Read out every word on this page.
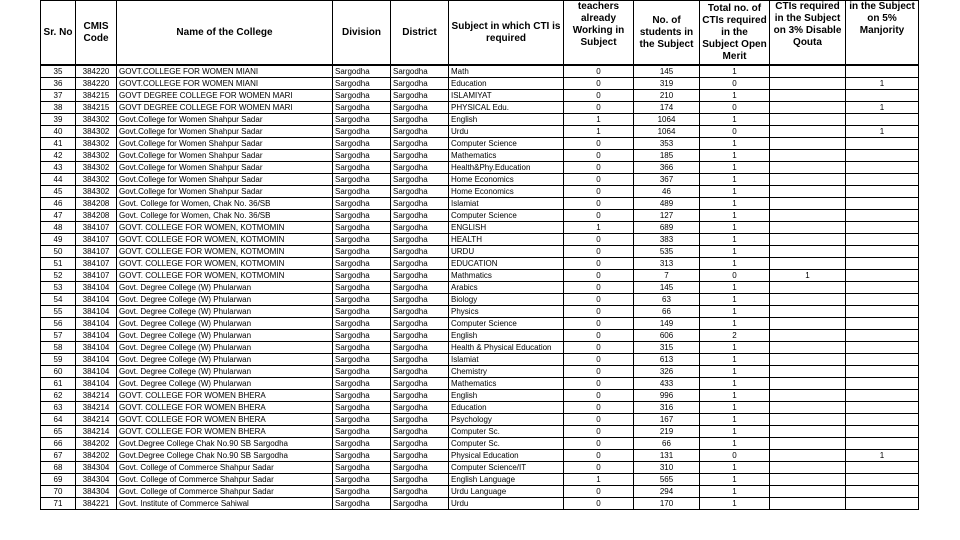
Sr. No	CMIS Code	Name of the College	Division	District	Subject in which CTI is required	teachers already Working in Subject	No. of students in the Subject	Total no. of CTIs required in the Subject Open Merit	CTIs required in the Subject on 3% Disable Qouta	in the Subject on 5% Manjority

35	384220	GOVT.COLLEGE FOR WOMEN MIANI	Sargodha	Sargodha	Math	0	145	1		
36	384220	GOVT.COLLEGE FOR WOMEN MIANI	Sargodha	Sargodha	Education	0	319	0		1
37	384215	GOVT DEGREE COLLEGE FOR WOMEN MARI	Sargodha	Sargodha	ISLAMIYAT	0	210	1		
38	384215	GOVT DEGREE COLLEGE FOR WOMEN MARI	Sargodha	Sargodha	PHYSICAL Edu.	0	174	0		1
39	384302	Govt.College for Women Shahpur Sadar	Sargodha	Sargodha	English	1	1064	1		
40	384302	Govt.College for Women Shahpur Sadar	Sargodha	Sargodha	Urdu	1	1064	0		1
41	384302	Govt.College for Women Shahpur Sadar	Sargodha	Sargodha	Computer Science	0	353	1		
42	384302	Govt.College for Women Shahpur Sadar	Sargodha	Sargodha	Mathematics	0	185	1		
43	384302	Govt.College for Women Shahpur Sadar	Sargodha	Sargodha	Health&Phy.Education	0	366	1		
44	384302	Govt.College for Women Shahpur Sadar	Sargodha	Sargodha	Home Economics	0	367	1		
45	384302	Govt.College for Women Shahpur Sadar	Sargodha	Sargodha	Home Economics	0	46	1		
46	384208	Govt. College for Women, Chak No. 36/SB	Sargodha	Sargodha	Islamiat	0	489	1		
47	384208	Govt. College for Women, Chak No. 36/SB	Sargodha	Sargodha	Computer Science	0	127	1		
48	384107	GOVT. COLLEGE FOR WOMEN, KOTMOMIN	Sargodha	Sargodha	ENGLISH	1	689	1		
49	384107	GOVT. COLLEGE FOR WOMEN, KOTMOMIN	Sargodha	Sargodha	HEALTH	0	383	1		
50	384107	GOVT. COLLEGE FOR WOMEN, KOTMOMIN	Sargodha	Sargodha	URDU	0	535	1		
51	384107	GOVT. COLLEGE FOR WOMEN, KOTMOMIN	Sargodha	Sargodha	EDUCATION	0	313	1		
52	384107	GOVT. COLLEGE FOR WOMEN, KOTMOMIN	Sargodha	Sargodha	Mathmatics	0	7	0	1	
53	384104	Govt. Degree College (W) Phularwan	Sargodha	Sargodha	Arabics	0	145	1		
54	384104	Govt. Degree College (W) Phularwan	Sargodha	Sargodha	Biology	0	63	1		
55	384104	Govt. Degree College (W) Phularwan	Sargodha	Sargodha	Physics	0	66	1		
56	384104	Govt. Degree College (W) Phularwan	Sargodha	Sargodha	Computer Science	0	149	1		
57	384104	Govt. Degree College (W) Phularwan	Sargodha	Sargodha	English	0	606	2		
58	384104	Govt. Degree College (W) Phularwan	Sargodha	Sargodha	Health & Physical Education	0	315	1		
59	384104	Govt. Degree College (W) Phularwan	Sargodha	Sargodha	Islamiat	0	613	1		
60	384104	Govt. Degree College (W) Phularwan	Sargodha	Sargodha	Chemistry	0	326	1		
61	384104	Govt. Degree College (W) Phularwan	Sargodha	Sargodha	Mathematics	0	433	1		
62	384214	GOVT. COLLEGE FOR WOMEN BHERA	Sargodha	Sargodha	English	0	996	1		
63	384214	GOVT. COLLEGE FOR WOMEN BHERA	Sargodha	Sargodha	Education	0	316	1		
64	384214	GOVT. COLLEGE FOR WOMEN BHERA	Sargodha	Sargodha	Psychology	0	167	1		
65	384214	GOVT. COLLEGE FOR WOMEN BHERA	Sargodha	Sargodha	Computer Sc.	0	219	1		
66	384202	Govt.Degree College Chak No.90 SB Sargodha	Sargodha	Sargodha	Computer Sc.	0	66	1		
67	384202	Govt.Degree College Chak No.90 SB Sargodha	Sargodha	Sargodha	Physical Education	0	131	0		1
68	384304	Govt. College of Commerce Shahpur Sadar	Sargodha	Sargodha	Computer Science/IT	0	310	1		
69	384304	Govt. College of Commerce Shahpur Sadar	Sargodha	Sargodha	English Language	1	565	1		
70	384304	Govt. College of Commerce Shahpur Sadar	Sargodha	Sargodha	Urdu Language	0	294	1		
71	384221	Govt. Institute of Commerce Sahiwal	Sargodha	Sargodha	Urdu	0	170	1		
